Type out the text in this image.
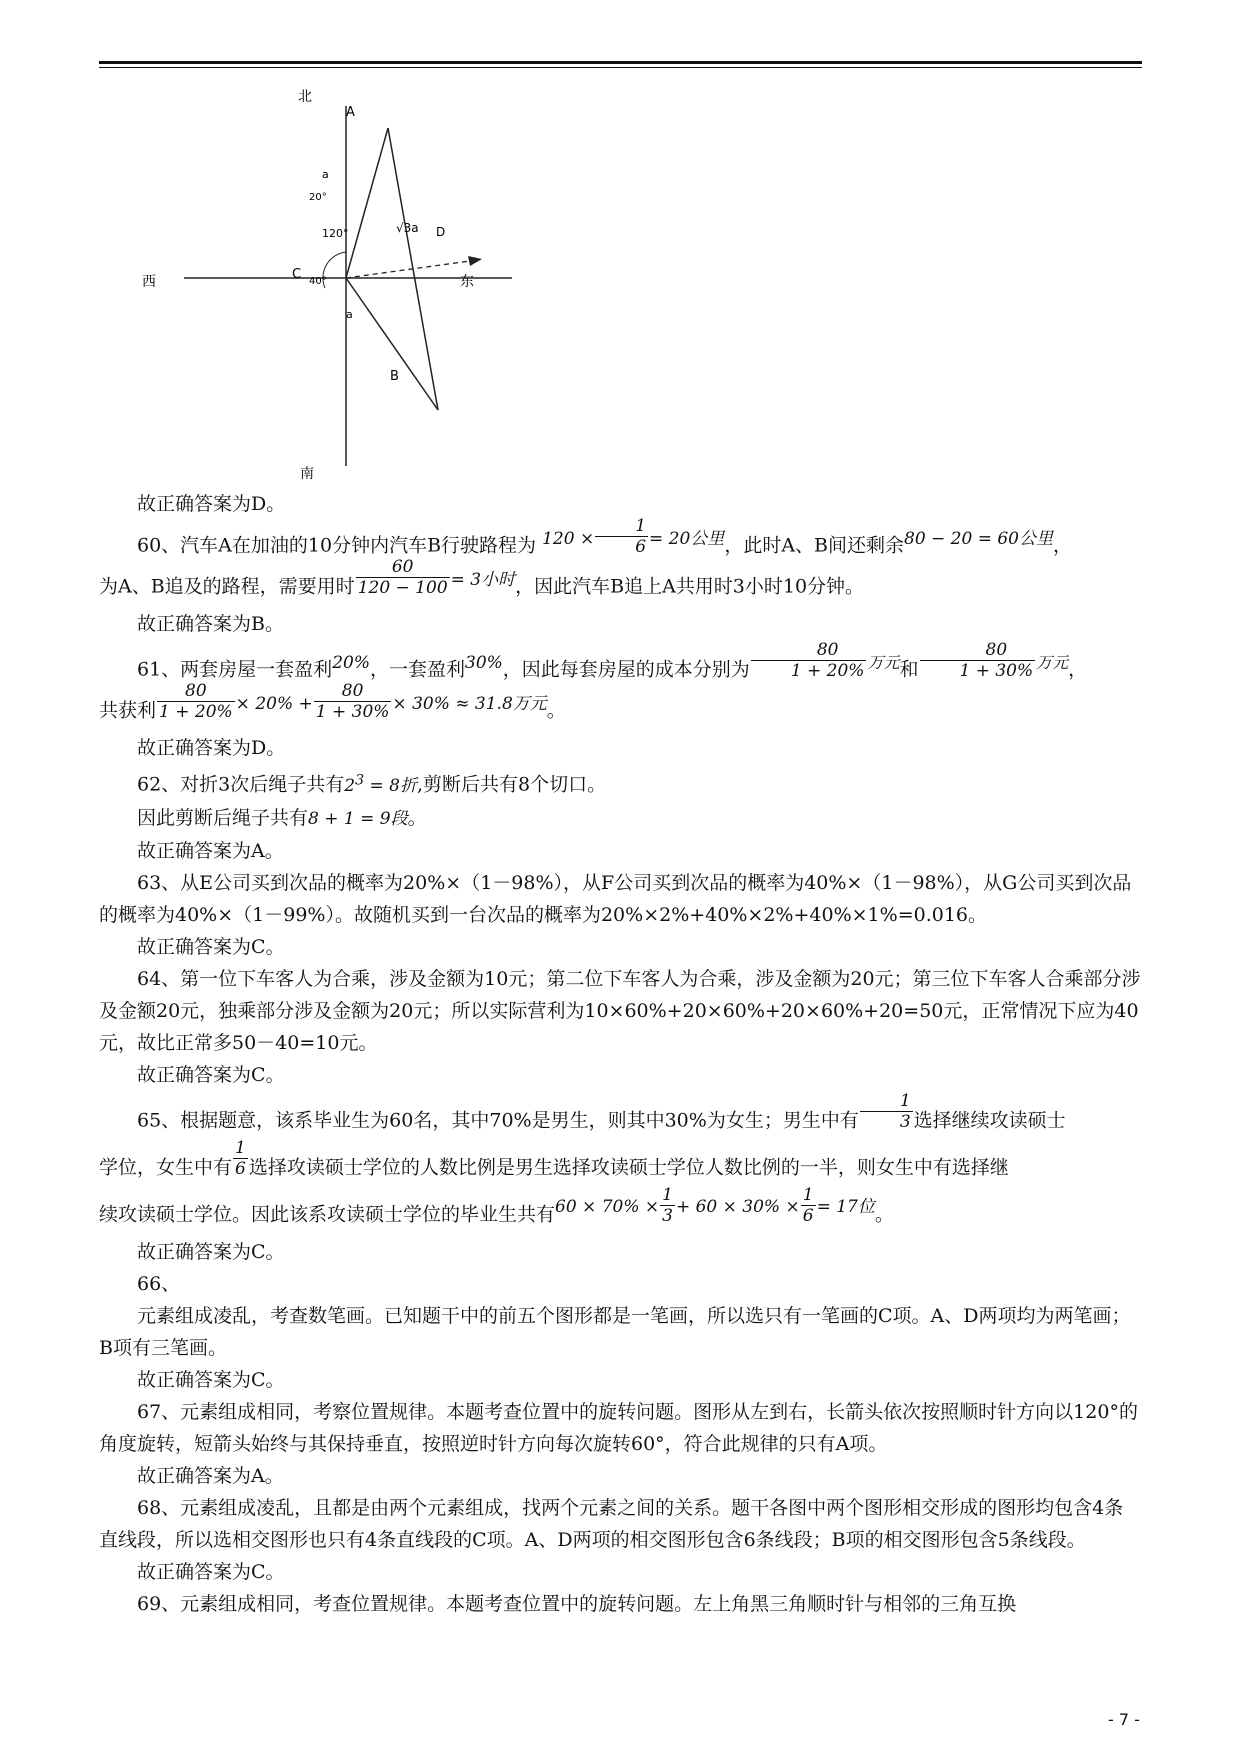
北
南
西	东
A
B
C
D
a
a
√3a
20°
120°
40°

故正确答案为D。

60、汽车A在加油的10分钟内汽车B行驶路程为 $120 \times \frac{1}{6} = 20$公里，此时A、B间还剩余80 − 20 = 60公里，

为A、B追及的路程，需要用时 $\frac{60}{120 - 100} = 3$小时，因此汽车B追上A共用时3小时10分钟。

故正确答案为B。

61、两套房屋一套盈利20%，一套盈利30%，因此每套房屋的成本分别为 $\frac{80}{1 + 20\%} ^{万元}$和 $\frac{80}{1 + 30\%} ^{万元}$，

共获利 $\frac{80}{1 + 20\%} \times 20\% + \frac{80}{1 + 30\%} \times 30\% \approx 31.8$万元。

故正确答案为D。

62、对折3次后绳子共有$2^3 = 8$折,剪断后共有8个切口。

因此剪断后绳子共有8 + 1 = 9段。

故正确答案为A。

63、从E公司买到次品的概率为20%×（1－98%），从F公司买到次品的概率为40%×（1－98%），从G公司买到次品的概率为40%×（1－99%）。故随机买到一台次品的概率为20%×2%+40%×2%+40%×1%=0.016。

故正确答案为C。

64、第一位下车客人为合乘，涉及金额为10元；第二位下车客人为合乘，涉及金额为20元；第三位下车客人合乘部分涉及金额20元，独乘部分涉及金额为20元；所以实际营利为10×60%+20×60%+20×60%+20=50元，正常情况下应为40元，故比正常多50－40=10元。

故正确答案为C。

65、根据题意，该系毕业生为60名，其中70%是男生，则其中30%为女生；男生中有 $\frac{1}{3}$ 选择继续攻读硕士

学位，女生中有 $\frac{1}{6}$ 选择攻读硕士学位的人数比例是男生选择攻读硕士学位人数比例的一半，则女生中有选择继

续攻读硕士学位。因此该系攻读硕士学位的毕业生共有$60 \times 70\% \times \frac{1}{3} + 60 \times 30\% \times \frac{1}{6} = 17$位。

故正确答案为C。

66、

元素组成凌乱，考查数笔画。已知题干中的前五个图形都是一笔画，所以选只有一笔画的C项。A、D两项均为两笔画；B项有三笔画。

故正确答案为C。

67、元素组成相同，考察位置规律。本题考查位置中的旋转问题。图形从左到右，长箭头依次按照顺时针方向以120°的角度旋转，短箭头始终与其保持垂直，按照逆时针方向每次旋转60°，符合此规律的只有A项。

故正确答案为A。

68、元素组成凌乱，且都是由两个元素组成，找两个元素之间的关系。题干各图中两个图形相交形成的图形均包含4条直线段，所以选相交图形也只有4条直线段的C项。A、D两项的相交图形包含6条线段；B项的相交图形包含5条线段。

故正确答案为C。

69、元素组成相同，考查位置规律。本题考查位置中的旋转问题。左上角黑三角顺时针与相邻的三角互换

- 7 -
